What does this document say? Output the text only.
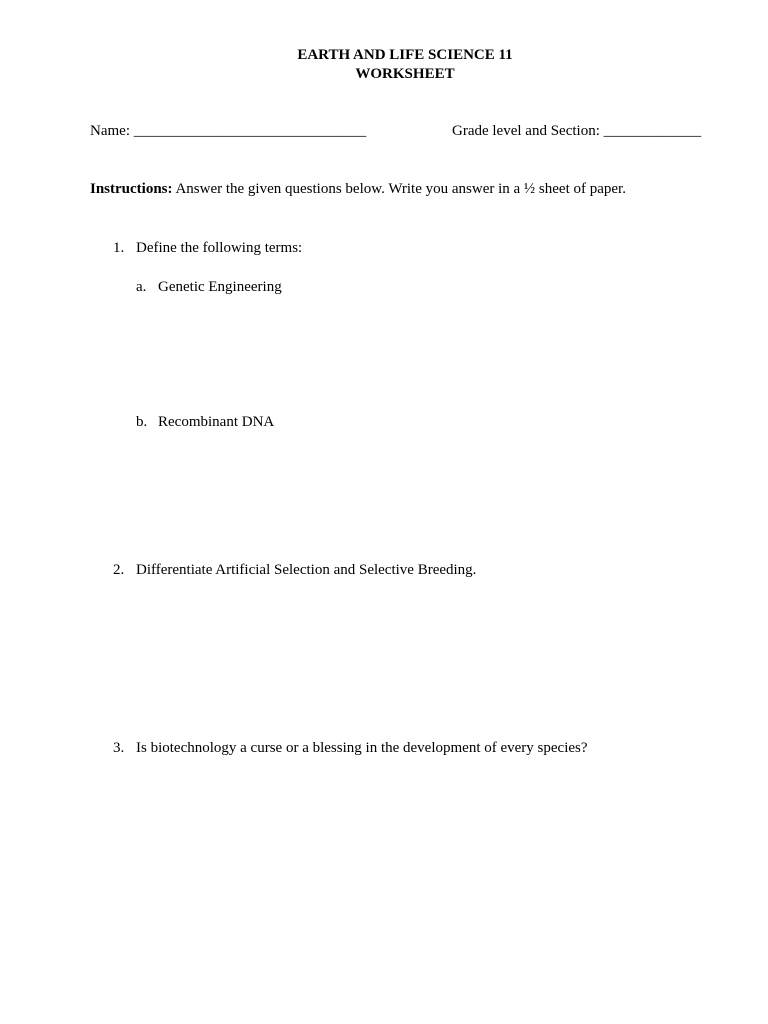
EARTH AND LIFE SCIENCE 11
WORKSHEET
Name: _______________________________	Grade level and Section: _____________
Instructions: Answer the given questions below. Write you answer in a ½ sheet of paper.
1. Define the following terms:
a. Genetic Engineering
b. Recombinant DNA
2. Differentiate Artificial Selection and Selective Breeding.
3. Is biotechnology a curse or a blessing in the development of every species?
